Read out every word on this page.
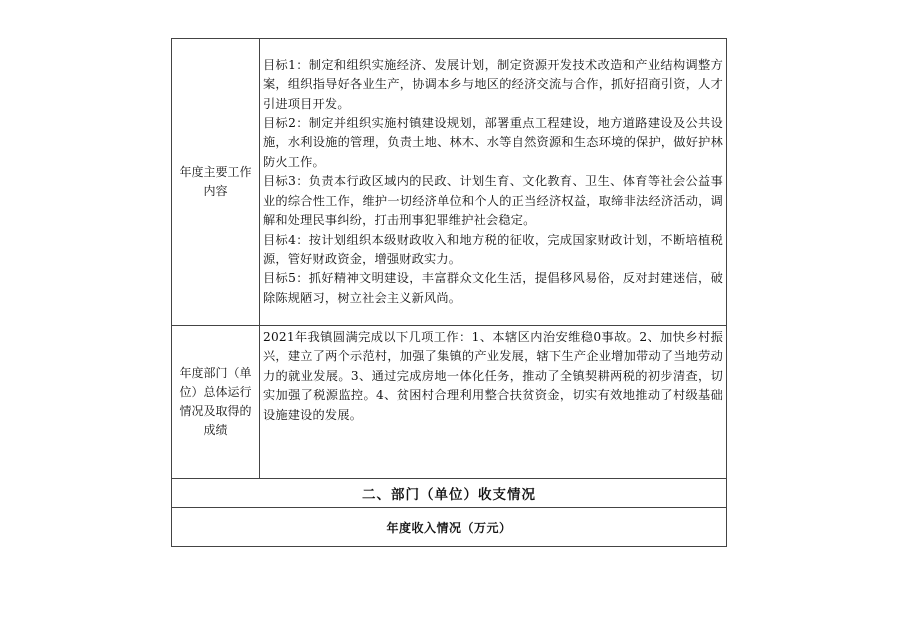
年度主要工作内容	目标1：制定和组织实施经济、发展计划，制定资源开发技术改造和产业结构调整方案，组织指导好各业生产，协调本乡与地区的经济交流与合作，抓好招商引资，人才引进项目开发。

目标2：制定并组织实施村镇建设规划，部署重点工程建设，地方道路建设及公共设施，水利设施的管理，负责土地、林木、水等自然资源和生态环境的保护，做好护林防火工作。

目标3：负责本行政区域内的民政、计划生育、文化教育、卫生、体育等社会公益事业的综合性工作，维护一切经济单位和个人的正当经济权益，取缔非法经济活动，调解和处理民事纠纷，打击刑事犯罪维护社会稳定。

目标4：按计划组织本级财政收入和地方税的征收，完成国家财政计划，不断培植税源，管好财政资金，增强财政实力。

目标5：抓好精神文明建设，丰富群众文化生活，提倡移风易俗，反对封建迷信，破除陈规陋习，树立社会主义新风尚。

年度部门（单位）总体运行情况及取得的成绩	2021年我镇圆满完成以下几项工作：1、本辖区内治安维稳0事故。2、加快乡村振兴，建立了两个示范村，加强了集镇的产业发展，辖下生产企业增加带动了当地劳动力的就业发展。3、通过完成房地一体化任务，推动了全镇契耕两税的初步清查，切实加强了税源监控。4、贫困村合理利用整合扶贫资金，切实有效地推动了村级基础设施建设的发展。

二、部门（单位）收支情况	
年度收入情况（万元）	
